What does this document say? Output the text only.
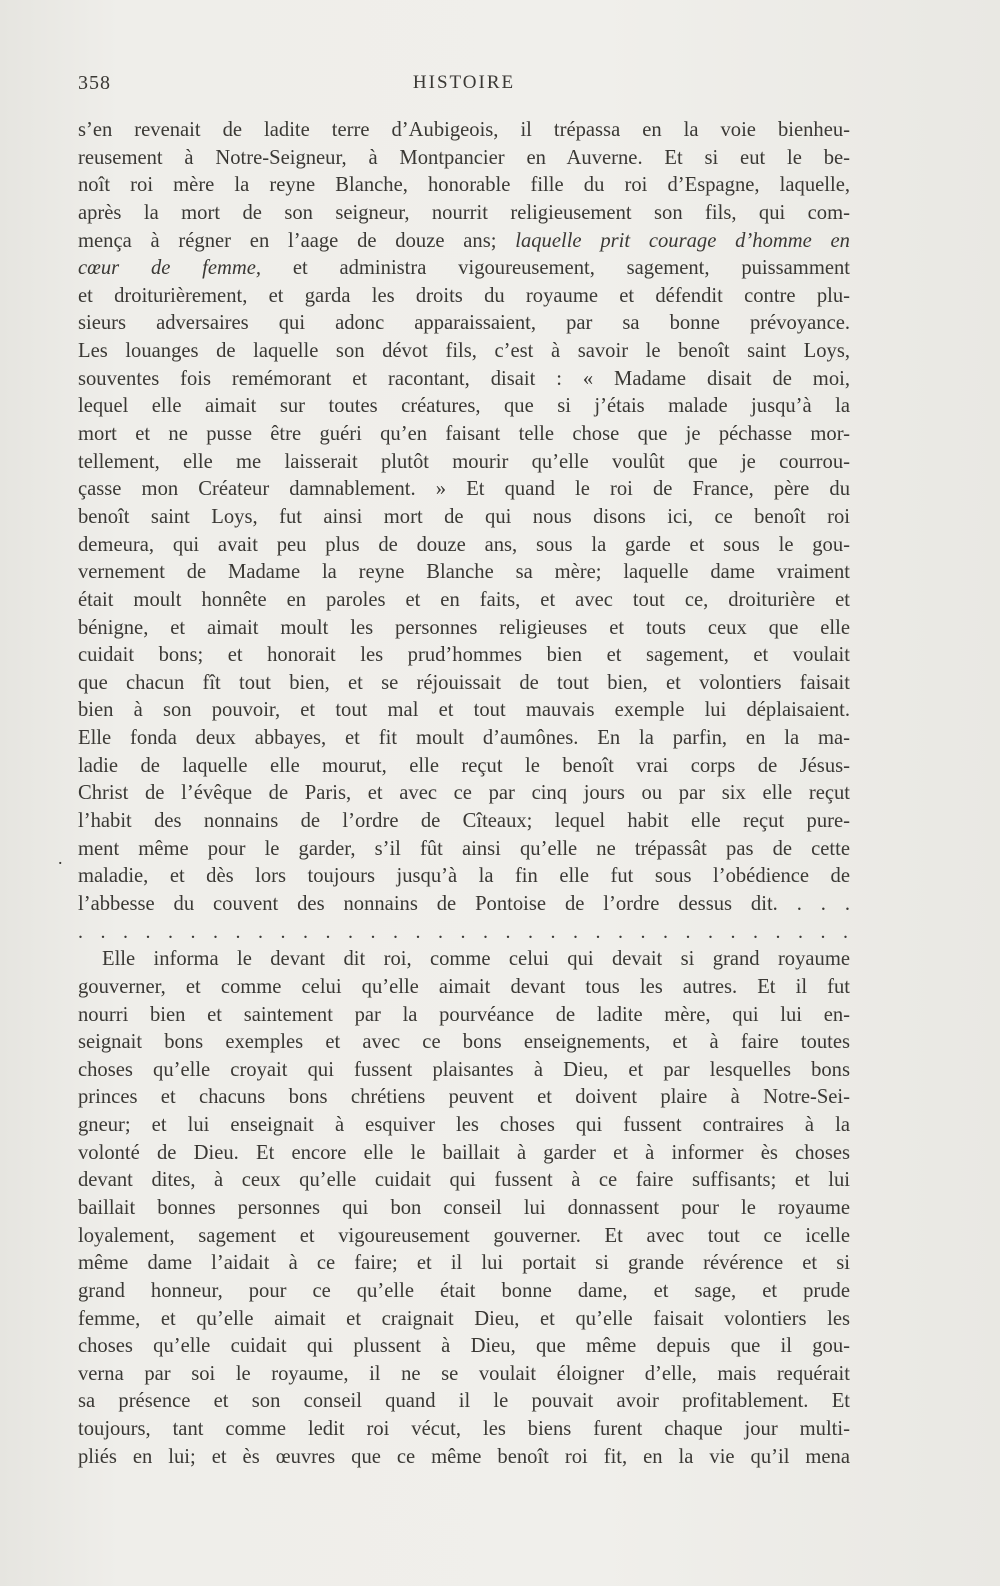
358	HISTOIRE
.
s’en revenait de ladite terre d’Aubigeois, il trépassa en la voie bienheu-
reusement à Notre-Seigneur, à Montpancier en Auverne. Et si eut le be-
noît roi mère la reyne Blanche, honorable fille du roi d’Espagne, laquelle,
après la mort de son seigneur, nourrit religieusement son fils, qui com-
mença à régner en l’aage de douze ans; laquelle prit courage d’homme en
cœur de femme, et administra vigoureusement, sagement, puissamment
et droiturièrement, et garda les droits du royaume et défendit contre plu-
sieurs adversaires qui adonc apparaissaient, par sa bonne prévoyance.
Les louanges de laquelle son dévot fils, c’est à savoir le benoît saint Loys,
souventes fois remémorant et racontant, disait : « Madame disait de moi,
lequel elle aimait sur toutes créatures, que si j’étais malade jusqu’à la
mort et ne pusse être guéri qu’en faisant telle chose que je péchasse mor-
tellement, elle me laisserait plutôt mourir qu’elle voulût que je courrou-
çasse mon Créateur damnablement. » Et quand le roi de France, père du
benoît saint Loys, fut ainsi mort de qui nous disons ici, ce benoît roi
demeura, qui avait peu plus de douze ans, sous la garde et sous le gou-
vernement de Madame la reyne Blanche sa mère; laquelle dame vraiment
était moult honnête en paroles et en faits, et avec tout ce, droiturière et
bénigne, et aimait moult les personnes religieuses et touts ceux que elle
cuidait bons; et honorait les prud’hommes bien et sagement, et voulait
que chacun fît tout bien, et se réjouissait de tout bien, et volontiers faisait
bien à son pouvoir, et tout mal et tout mauvais exemple lui déplaisaient.
Elle fonda deux abbayes, et fit moult d’aumônes. En la parfin, en la ma-
ladie de laquelle elle mourut, elle reçut le benoît vrai corps de Jésus-
Christ de l’évêque de Paris, et avec ce par cinq jours ou par six elle reçut
l’habit des nonnains de l’ordre de Cîteaux; lequel habit elle reçut pure-
ment même pour le garder, s’il fût ainsi qu’elle ne trépassât pas de cette
maladie, et dès lors toujours jusqu’à la fin elle fut sous l’obédience de
l’abbesse du couvent des nonnains de Pontoise de l’ordre dessus dit. . . .
. . . . . . . . . . . . . . . . . . . . . . . . . . . . . . . . . . .
Elle informa le devant dit roi, comme celui qui devait si grand royaume
gouverner, et comme celui qu’elle aimait devant tous les autres. Et il fut
nourri bien et saintement par la pourvéance de ladite mère, qui lui en-
seignait bons exemples et avec ce bons enseignements, et à faire toutes
choses qu’elle croyait qui fussent plaisantes à Dieu, et par lesquelles bons
princes et chacuns bons chrétiens peuvent et doivent plaire à Notre-Sei-
gneur; et lui enseignait à esquiver les choses qui fussent contraires à la
volonté de Dieu. Et encore elle le baillait à garder et à informer ès choses
devant dites, à ceux qu’elle cuidait qui fussent à ce faire suffisants; et lui
baillait bonnes personnes qui bon conseil lui donnassent pour le royaume
loyalement, sagement et vigoureusement gouverner. Et avec tout ce icelle
même dame l’aidait à ce faire; et il lui portait si grande révérence et si
grand honneur, pour ce qu’elle était bonne dame, et sage, et prude
femme, et qu’elle aimait et craignait Dieu, et qu’elle faisait volontiers les
choses qu’elle cuidait qui plussent à Dieu, que même depuis que il gou-
verna par soi le royaume, il ne se voulait éloigner d’elle, mais requérait
sa présence et son conseil quand il le pouvait avoir profitablement. Et
toujours, tant comme ledit roi vécut, les biens furent chaque jour multi-
pliés en lui; et ès œuvres que ce même benoît roi fit, en la vie qu’il mena
